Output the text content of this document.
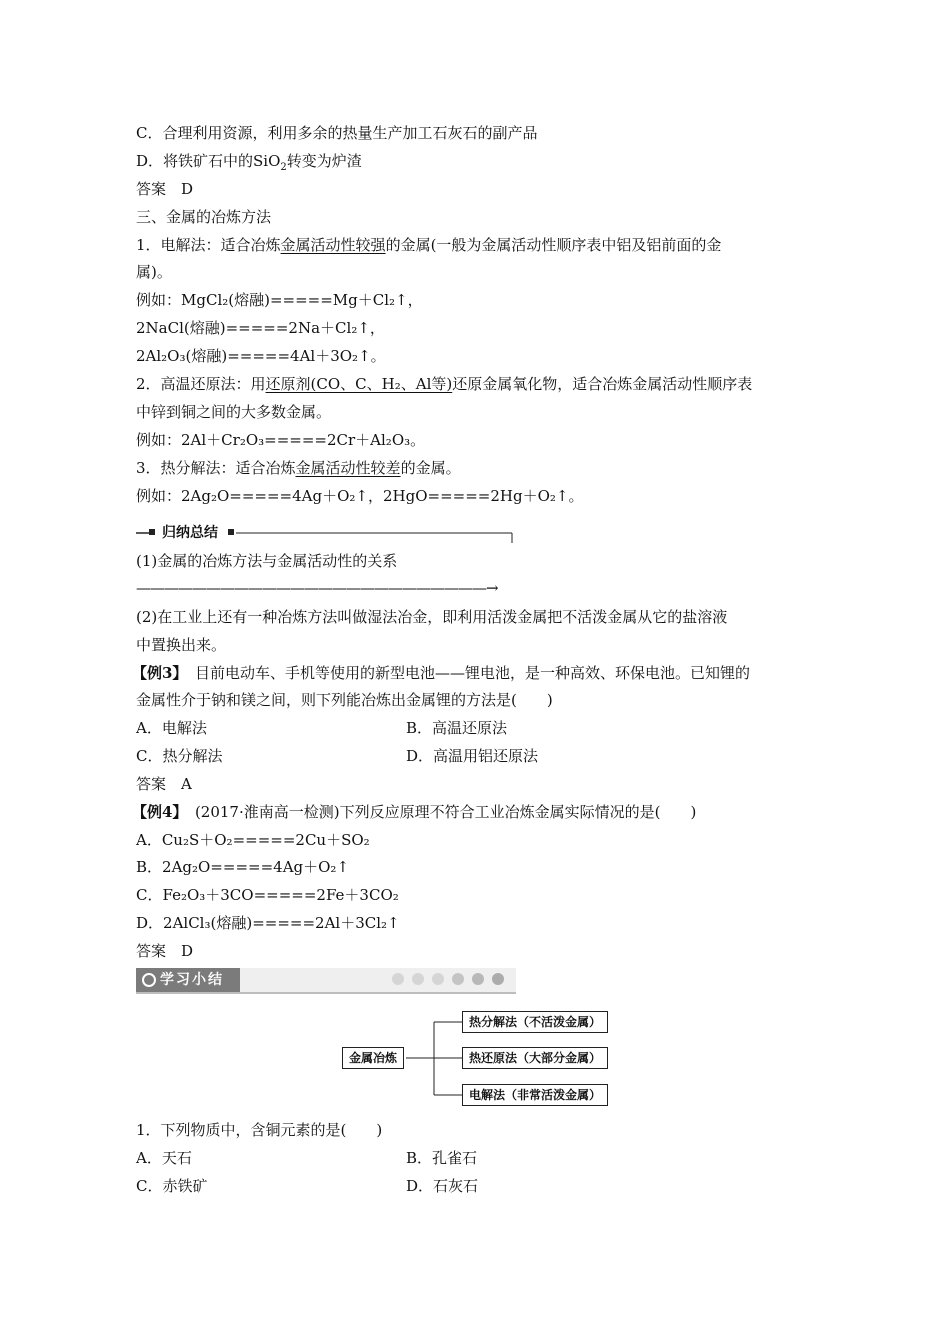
C．合理利用资源，利用多余的热量生产加工石灰石的副产品
D．将铁矿石中的SiO$_2$转变为炉渣
答案　D
三、金属的冶炼方法
1．电解法：适合冶炼金属活动性较强的金属(一般为金属活动性顺序表中铝及铝前面的金
属)。
例如：MgCl₂(熔融)=====Mg＋Cl₂↑，
2NaCl(熔融)=====2Na＋Cl₂↑，
2Al₂O₃(熔融)=====4Al＋3O₂↑。
2．高温还原法：用还原剂(CO、C、H₂、Al等)还原金属氧化物，适合冶炼金属活动性顺序表
中锌到铜之间的大多数金属。
例如：2Al＋Cr₂O₃=====2Cr＋Al₂O₃。
3．热分解法：适合冶炼金属活动性较差的金属。
例如：2Ag₂O=====4Ag＋O₂↑，2HgO=====2Hg＋O₂↑。
归纳总结
(1)金属的冶炼方法与金属活动性的关系
—————————————————————————→
(2)在工业上还有一种冶炼方法叫做湿法冶金，即利用活泼金属把不活泼金属从它的盐溶液
中置换出来。
【例3】　 目前电动车、手机等使用的新型电池——锂电池，是一种高效、环保电池。已知锂的
金属性介于钠和镁之间，则下列能冶炼出金属锂的方法是(　　)
A．电解法	B．高温还原法
C．热分解法	D．高温用铝还原法
答案　A
【例4】　 (2017·淮南高一检测)下列反应原理不符合工业冶炼金属实际情况的是(　　)
A．Cu₂S＋O₂=====2Cu＋SO₂
B．2Ag₂O=====4Ag＋O₂↑
C．Fe₂O₃＋3CO=====2Fe＋3CO₂
D．2AlCl₃(熔融)=====2Al＋3Cl₂↑
答案　D
学习小结
金属冶炼
热分解法（不活泼金属）
热还原法（大部分金属）
电解法（非常活泼金属）
1．下列物质中，含铜元素的是(　　)
A．天石	B．孔雀石
C．赤铁矿	D．石灰石
